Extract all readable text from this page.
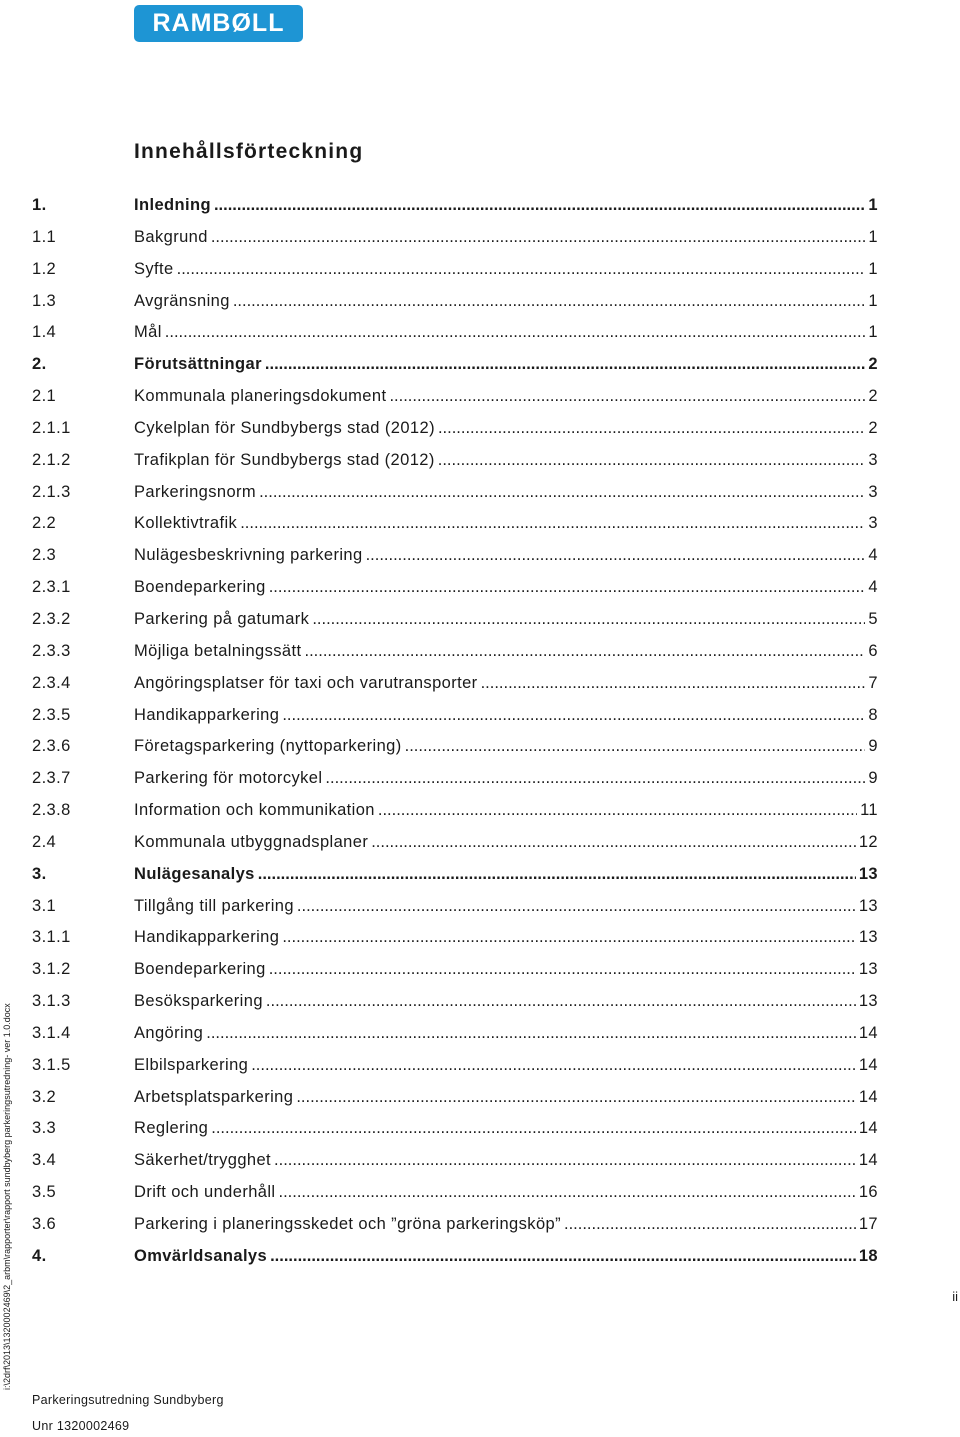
RAMBØLL
Innehållsförteckning
1.	Inledning .....	1
1.1	Bakgrund .....	1
1.2	Syfte .....	1
1.3	Avgränsning .....	1
1.4	Mål .....	1
2.	Förutsättningar .....	2
2.1	Kommunala planeringsdokument .....	2
2.1.1	Cykelplan för Sundbybergs stad (2012) .....	2
2.1.2	Trafikplan för Sundbybergs stad (2012) .....	3
2.1.3	Parkeringsnorm .....	3
2.2	Kollektivtrafik .....	3
2.3	Nulägesbeskrivning parkering .....	4
2.3.1	Boendeparkering .....	4
2.3.2	Parkering på gatumark .....	5
2.3.3	Möjliga betalningssätt .....	6
2.3.4	Angöringsplatser för taxi och varutransporter .....	7
2.3.5	Handikapparkering .....	8
2.3.6	Företagsparkering (nyttoparkering) .....	9
2.3.7	Parkering för motorcykel .....	9
2.3.8	Information och kommunikation .....	11
2.4	Kommunala utbyggnadsplaner .....	12
3.	Nulägesanalys .....	13
3.1	Tillgång till parkering .....	13
3.1.1	Handikapparkering .....	13
3.1.2	Boendeparkering .....	13
3.1.3	Besöksparkering .....	13
3.1.4	Angöring .....	14
3.1.5	Elbilsparkering .....	14
3.2	Arbetsplatsparkering .....	14
3.3	Reglering .....	14
3.4	Säkerhet/trygghet .....	14
3.5	Drift och underhåll .....	16
3.6	Parkering i planeringsskedet och ”gröna parkeringsköp” .....	17
4.	Omvärldsanalys .....	18
i:\2drf\2013\1320002469\2_arbm\rapporter\rapport sundbyberg parkeringsutredning- ver 1.0.docx	ii
Parkeringsutredning Sundbyberg
Unr 1320002469
